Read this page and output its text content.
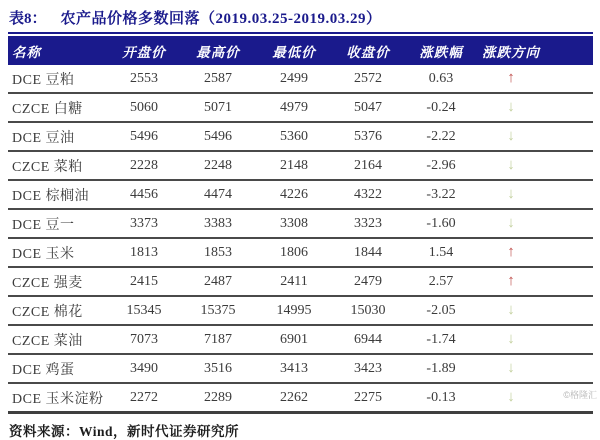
表8： 农产品价格多数回落（2019.03.25-2019.03.29）
名称	开盘价	最高价	最低价	收盘价	涨跌幅	涨跌方向
DCE 豆粕	2553	2587	2499	2572	0.63	↑
CZCE 白糖	5060	5071	4979	5047	-0.24	↓
DCE 豆油	5496	5496	5360	5376	-2.22	↓
CZCE 菜粕	2228	2248	2148	2164	-2.96	↓
DCE 棕榈油	4456	4474	4226	4322	-3.22	↓
DCE 豆一	3373	3383	3308	3323	-1.60	↓
DCE 玉米	1813	1853	1806	1844	1.54	↑
CZCE 强麦	2415	2487	2411	2479	2.57	↑
CZCE 棉花	15345	15375	14995	15030	-2.05	↓
CZCE 菜油	7073	7187	6901	6944	-1.74	↓
DCE 鸡蛋	3490	3516	3413	3423	-1.89	↓
DCE 玉米淀粉	2272	2289	2262	2275	-0.13	↓
资料来源：Wind，新时代证券研究所
©格隆汇
